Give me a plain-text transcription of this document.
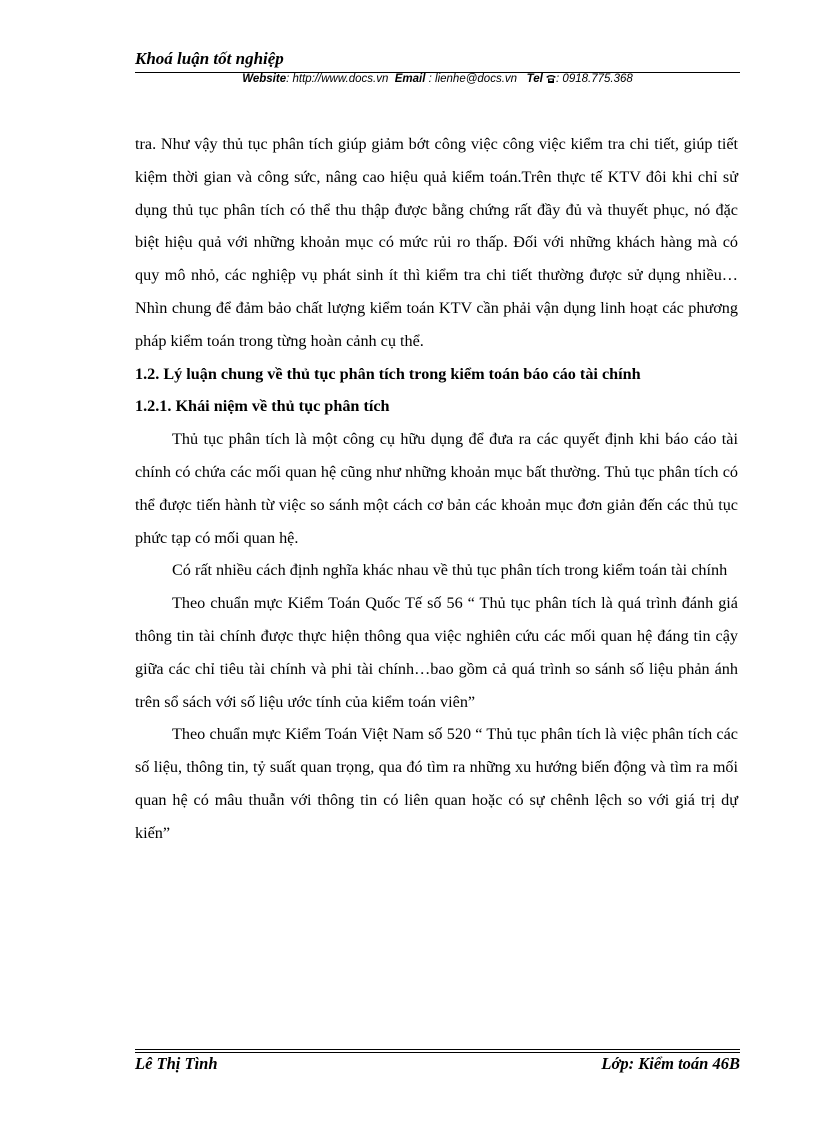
Khoá luận tốt nghiệp
Website: http://www.docs.vn Email : lienhe@docs.vn Tel : 0918.775.368

tra. Như vậy thủ tục phân tích giúp giảm bớt công việc công việc kiểm tra chi tiết, giúp tiết kiệm thời gian và công sức, nâng cao hiệu quả kiểm toán.Trên thực tế KTV đôi khi chỉ sử dụng thủ tục phân tích có thể thu thập được bằng chứng rất đầy đủ và thuyết phục, nó đặc biệt hiệu quả với những khoản mục có mức rủi ro thấp. Đối với những khách hàng mà có quy mô nhỏ, các nghiệp vụ phát sinh ít thì kiểm tra chi tiết thường được sử dụng nhiều…Nhìn chung để đảm bảo chất lượng kiểm toán KTV cần phải vận dụng linh hoạt các phương pháp kiểm toán trong từng hoàn cảnh cụ thể.

1.2. Lý luận chung về thủ tục phân tích trong kiểm toán báo cáo tài chính
1.2.1. Khái niệm về thủ tục phân tích

Thủ tục phân tích là một công cụ hữu dụng để đưa ra các quyết định khi báo cáo tài chính có chứa các mối quan hệ cũng như những khoản mục bất thường. Thủ tục phân tích có thể được tiến hành từ việc so sánh một cách cơ bản các khoản mục đơn giản đến các thủ tục phức tạp có mối quan hệ.

Có rất nhiều cách định nghĩa khác nhau về thủ tục phân tích trong kiểm toán tài chính

Theo chuẩn mực Kiểm Toán Quốc Tế số 56 “ Thủ tục phân tích là quá trình đánh giá thông tin tài chính được thực hiện thông qua việc nghiên cứu các mối quan hệ đáng tin cậy giữa các chỉ tiêu tài chính và phi tài chính…bao gồm cả quá trình so sánh số liệu phản ánh trên sổ sách với số liệu ước tính của kiểm toán viên”

Theo chuẩn mực Kiểm Toán Việt Nam số 520 “ Thủ tục phân tích là việc phân tích các số liệu, thông tin, tỷ suất quan trọng, qua đó tìm ra những xu hướng biến động và tìm ra mối quan hệ có mâu thuẫn với thông tin có liên quan hoặc có sự chênh lệch so với giá trị dự kiến”

Lê Thị Tình	Lớp: Kiểm toán 46B
